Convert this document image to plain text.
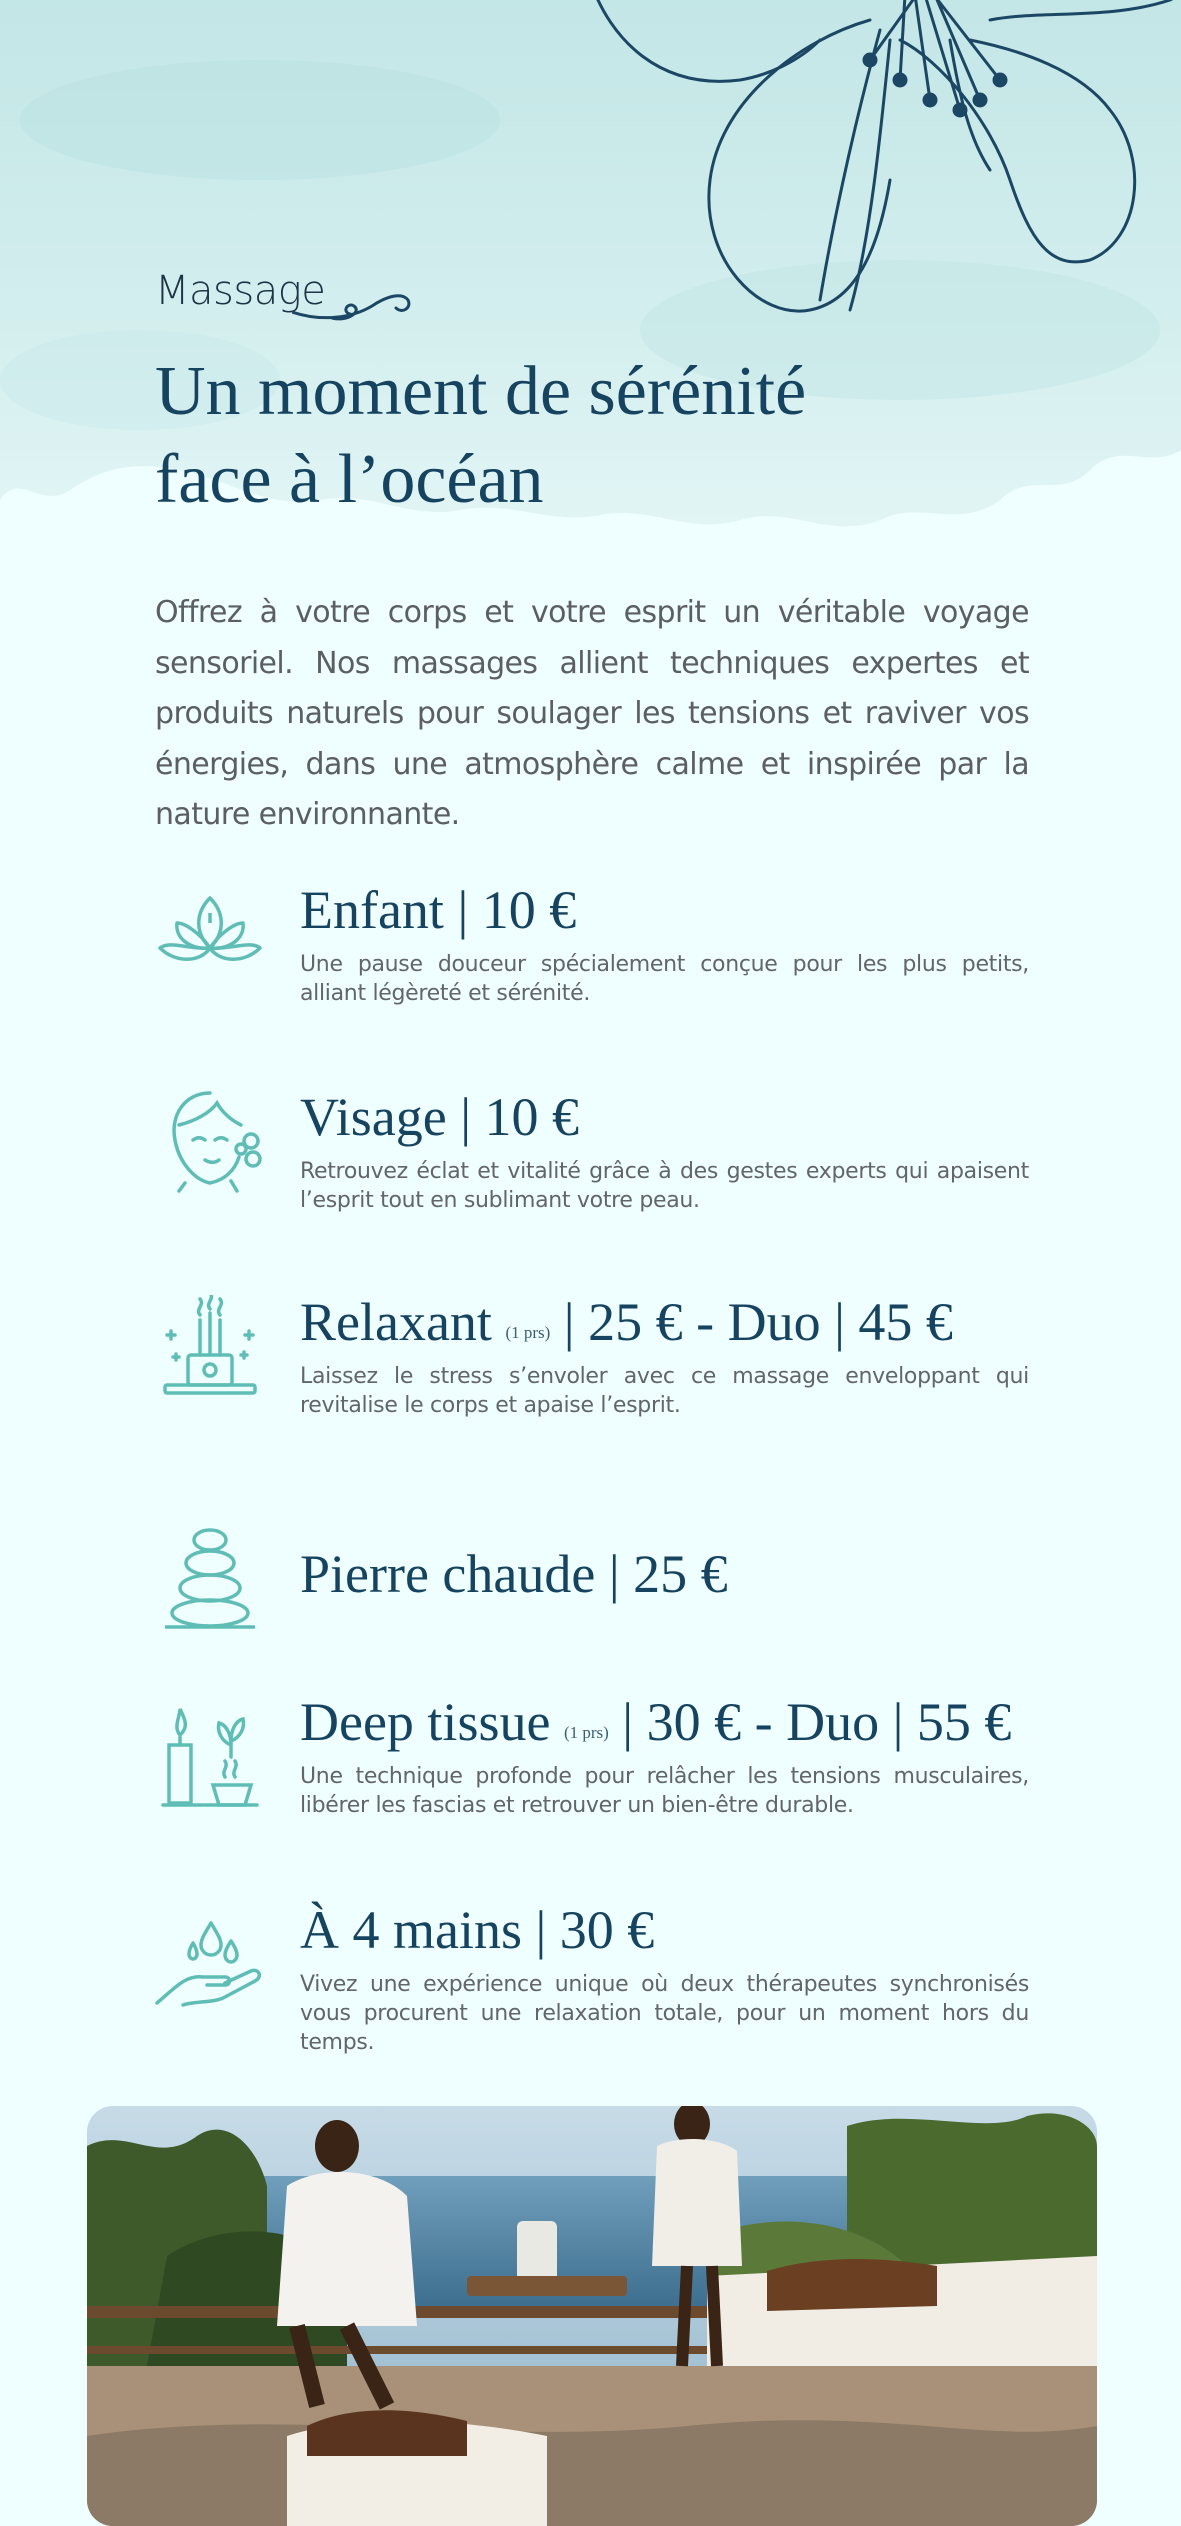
Massage
Un moment de sérénité
face à l’océan

Offrez à votre corps et votre esprit un véritable voyage sensoriel. Nos massages allient techniques expertes et produits naturels pour soulager les tensions et raviver vos énergies, dans une atmosphère calme et inspirée par la nature environnante.

Enfant | 10 €

Une pause douceur spécialement conçue pour les plus petits, alliant légèreté et sérénité.

Visage | 10 €

Retrouvez éclat et vitalité grâce à des gestes experts qui apaisent l’esprit tout en sublimant votre peau.

Relaxant (1 prs) | 25 € - Duo | 45 €

Laissez le stress s’envoler avec ce massage enveloppant qui revitalise le corps et apaise l’esprit.

Pierre chaude | 25 €
Deep tissue (1 prs) | 30 € - Duo | 55 €

Une technique profonde pour relâcher les tensions musculaires, libérer les fascias et retrouver un bien-être durable.

À 4 mains | 30 €

Vivez une expérience unique où deux thérapeutes synchronisés vous procurent une relaxation totale, pour un moment hors du temps.
